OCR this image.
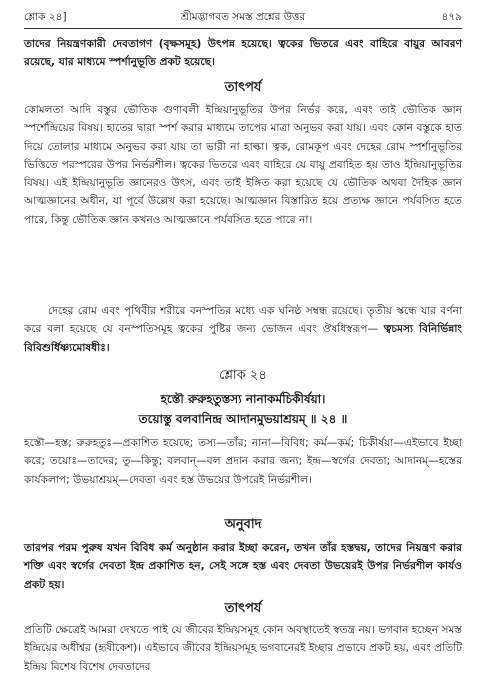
শ্লোক ২৪]	শ্রীমদ্ভাগবত সমস্ত প্রশ্নের উত্তর	৪৭৯

তাদের নিয়ন্ত্রণকারী দেবতাগণ (বৃক্ষসমূহ) উৎপন্ন হয়েছে। ত্বকের ভিতরে এবং বাহিরে বায়ুর আবরণ রয়েছে, যার মাধ্যমে স্পর্শানুভূতি প্রকট হয়েছে।

তাৎপর্য

কোমলতা আদি বস্তুর ভৌতিক গুণাবলী ইন্দ্রিয়ানুভূতির উপর নির্ভর করে, এবং তাই ভৌতিক জ্ঞান স্পর্শেন্দ্রিয়ের বিষয়। হাতের দ্বারা স্পর্শ করার মাধ্যমে তাপের মাত্রা অনুভব করা যায়। এবং কোন বস্তুকে হাত দিয়ে তোলার মাধ্যমে অনুভব করা যায় তা ভারী না হাল্কা। ত্বক, রোমকূপ এবং দেহের রোম স্পর্শানুভূতির ভিত্তিতে পরস্পরের উপর নির্ভরশীল। ত্বকের ভিতরে এবং বাহিরে যে বায়ু প্রবাহিত হয় তাও ইন্দ্রিয়ানুভূতির বিষয়। এই ইন্দ্রিয়ানুভূতি জ্ঞানেরও উৎস, এবং তাই ইঙ্গিত করা হয়েছে যে ভৌতিক অথবা দৈহিক জ্ঞান আত্মজ্ঞানের অধীন, যা পূর্বে উল্লেখ করা হয়েছে। আত্মজ্ঞান বিস্তারিত হয়ে প্রত্যক্ষ জ্ঞানে পর্যবসিত হতে পারে, কিন্তু ভৌতিক জ্ঞান কখনও আত্মজ্ঞানে পর্যবসিত হতে পারে না।

দেহের রোম এবং পৃথিবীর শরীরে বনস্পতির মধ্যে এক ঘনিষ্ঠ সম্বন্ধ রয়েছে। তৃতীয় স্কন্ধে যার বর্ণনা করে বলা হয়েছে যে বনস্পতিসমূহ ত্বকের পুষ্টির জন্য ভোজন এবং ঔষধিস্বরূপ— ত্বচমস্য বিনির্ভিন্নাং বিবিশুর্ধিষ্ণ্যমোষধীঃ।

শ্লোক ২৪
হস্তৌ রুরুহতুস্তস্য নানাকর্মচিকীর্ষয়া।
তয়োস্তু বলবানিন্দ্র আদানমুভয়াশ্রয়ম্ ॥ ২৪ ॥

হস্তৌ—হস্ত; রুরুহতুঃ—প্রকাশিত হয়েছে; তস্য—তাঁর; নানা—বিবিধ; কর্ম—কর্ম; চিকীর্ষয়া—এইভাবে ইচ্ছা করে; তয়োঃ—তাদের; তু—কিন্তু; বলবান্—বল প্রদান করার জন্য; ইন্দ্র—স্বর্গের দেবতা; আদানম্—হস্তের কার্যকলাপ; উভয়াশ্রয়ম্—দেবতা এবং হস্ত উভয়ের উপরেই নির্ভরশীল।

অনুবাদ

তারপর পরম পুরুষ যখন বিবিধ কর্ম অনুষ্ঠান করার ইচ্ছা করেন, তখন তাঁর হস্তদ্বয়, তাদের নিয়ন্ত্রণ করার শক্তি এবং স্বর্গের দেবতা ইন্দ্র প্রকাশিত হন, সেই সঙ্গে হস্ত এবং দেবতা উভয়েরই উপর নির্ভরশীল কার্যও প্রকট হয়।

তাৎপর্য

প্রতিটি ক্ষেত্রেই আমরা দেখতে পাই যে জীবের ইন্দ্রিয়সমূহ কোন অবস্থাতেই স্বতন্ত্র নয়। ভগবান হচ্ছেন সমস্ত ইন্দ্রিয়ের অধীশ্বর (হৃষীকেশ)। এইভাবে জীবের ইন্দ্রিয়সমূহ ভগবানেরই ইচ্ছার প্রভাবে প্রকট হয়, এবং প্রতিটি ইন্দ্রিয় বিশেষ বিশেষ দেবতাদের
